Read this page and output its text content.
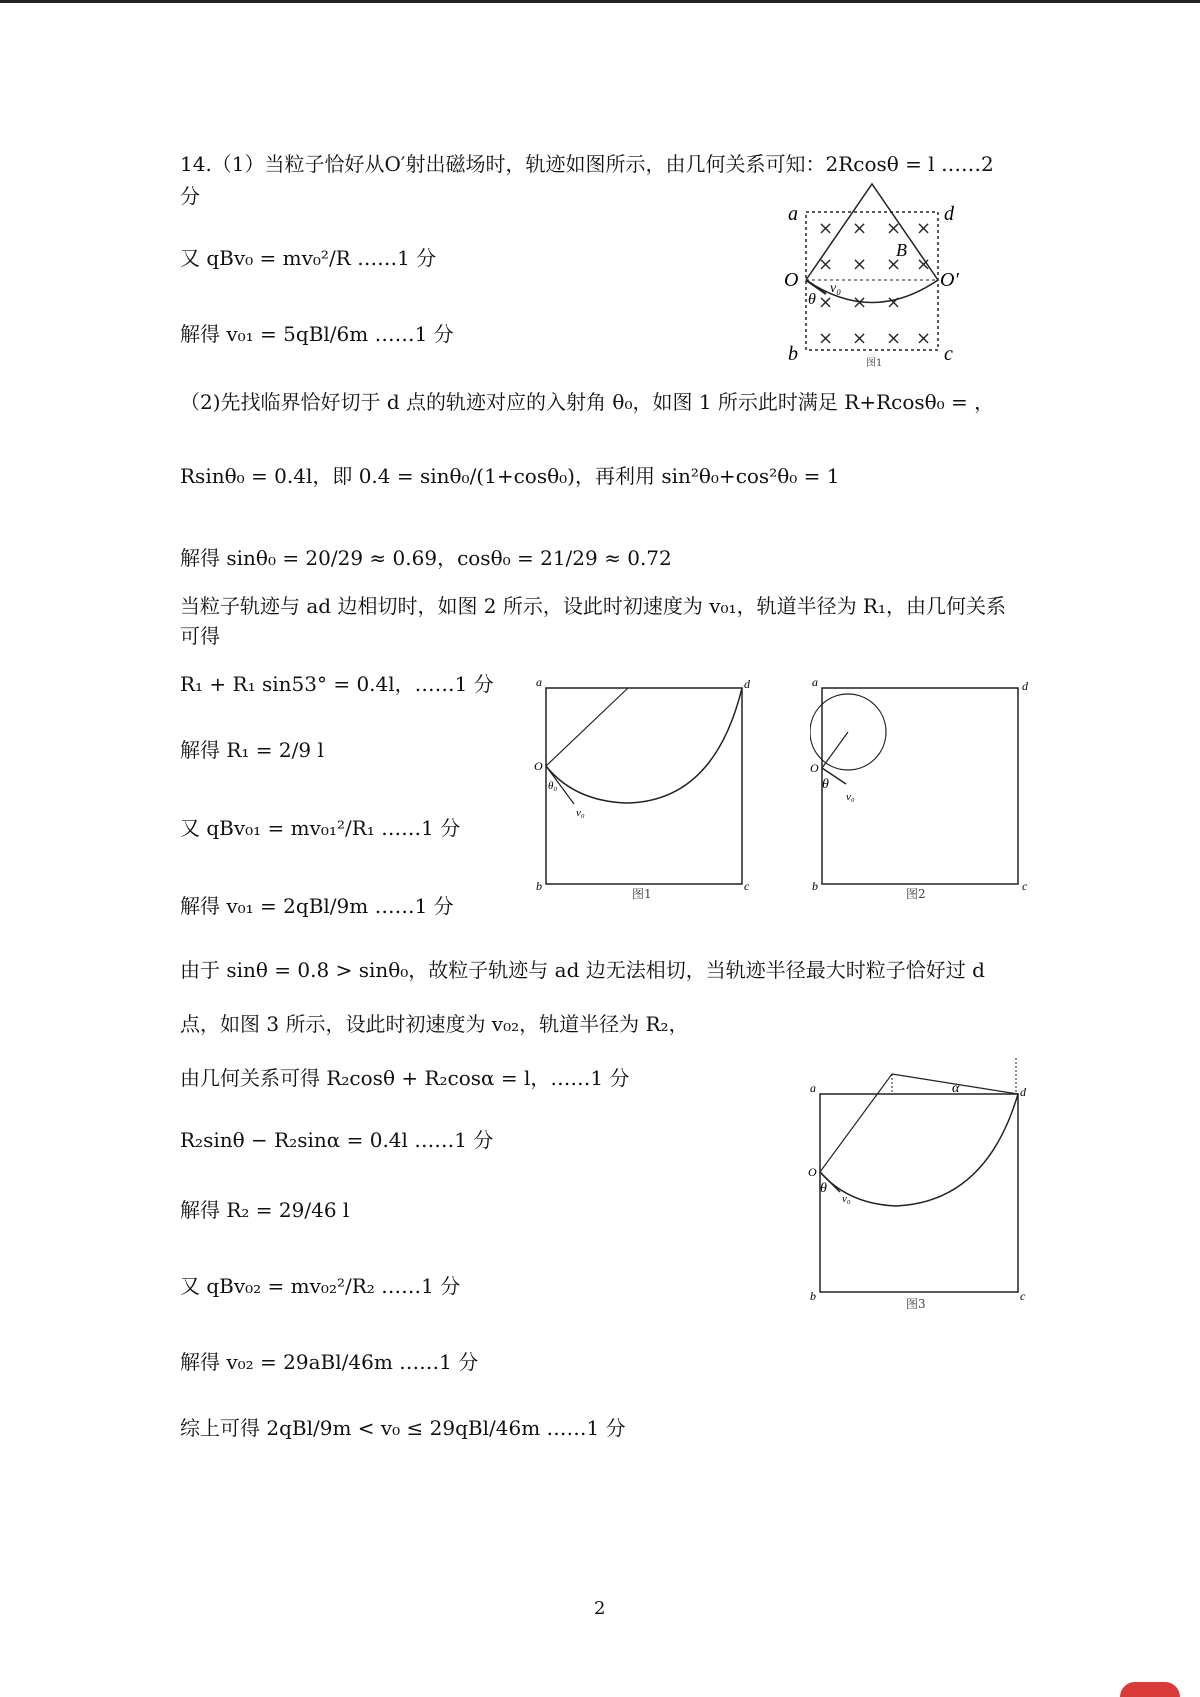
14.（1）当粒子恰好从O′射出磁场时，轨迹如图所示，由几何关系可知：2Rcosθ = l ……2
分
又 qBv₀ = mv₀²/R ……1 分
解得 v₀₁ = 5qBl/6m ……1 分
（2)先找临界恰好切于 d 点的轨迹对应的入射角 θ₀，如图 1 所示此时满足 R+Rcosθ₀ = ，
Rsinθ₀ = 0.4l，即 0.4 = sinθ₀/(1+cosθ₀)，再利用 sin²θ₀+cos²θ₀ = 1
解得 sinθ₀ = 20/29 ≈ 0.69，cosθ₀ = 21/29 ≈ 0.72
当粒子轨迹与 ad 边相切时，如图 2 所示，设此时初速度为 v₀₁，轨道半径为 R₁，由几何关系
可得
R₁ + R₁ sin53° = 0.4l，……1 分
解得 R₁ = 2/9 l
又 qBv₀₁ = mv₀₁²/R₁ ……1 分
解得 v₀₁ = 2qBl/9m ……1 分
由于 sinθ = 0.8 > sinθ₀，故粒子轨迹与 ad 边无法相切，当轨迹半径最大时粒子恰好过 d
点，如图 3 所示，设此时初速度为 v₀₂，轨道半径为 R₂，
由几何关系可得 R₂cosθ + R₂cosα = l，……1 分
R₂sinθ − R₂sinα = 0.4l ……1 分
解得 R₂ = 29/46 l
又 qBv₀₂ = mv₀₂²/R₂ ……1 分
解得 v₀₂ = 29aBl/46m ……1 分
综上可得 2qBl/9m < v₀ ≤ 29qBl/46m ……1 分
× × × ×
× × × ×
× × ×
× × × ×
a	d
O	O′
B
v₀
θ
b	c
图1
a	d
O
θ₀
v₀
b	c
图1
a	d
O
θ
v₀
b	c
图2
a	d
O
θ
v₀
α
b	c
图3
2
